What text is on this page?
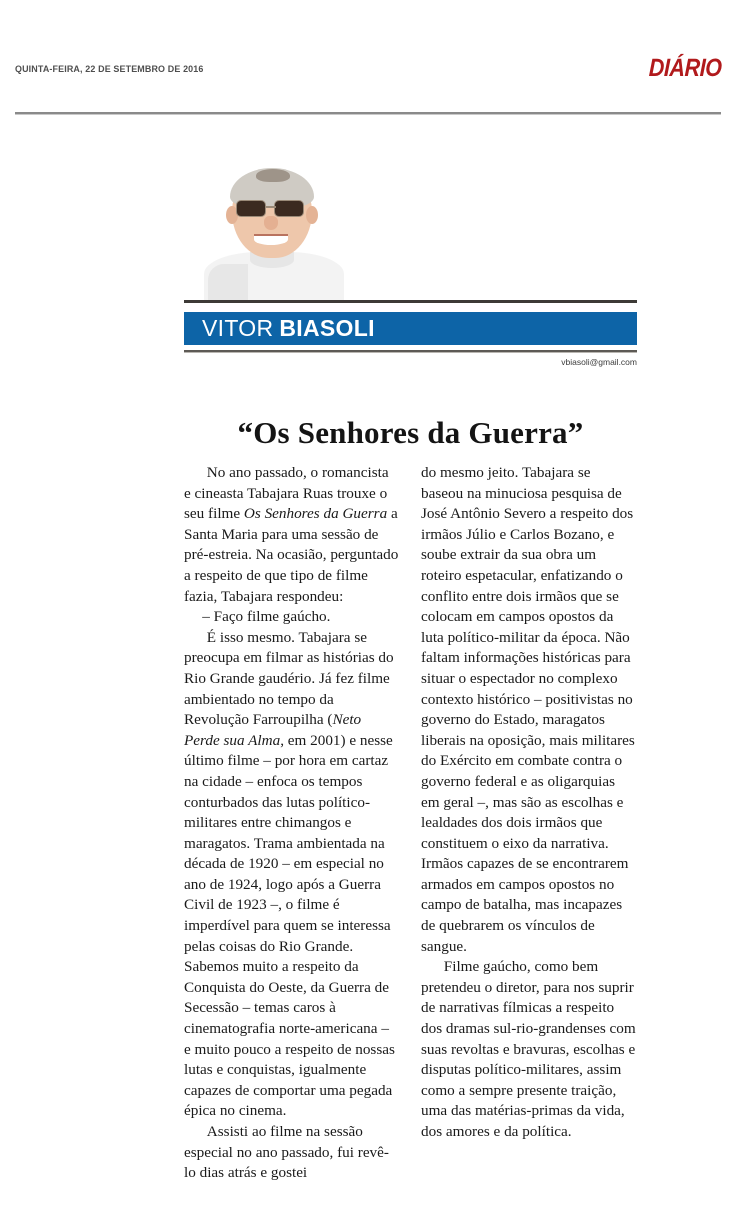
QUINTA-FEIRA, 22 DE SETEMBRO DE 2016	DIÁRIO
VITOR BIASOLI
vbiasoli@gmail.com
“Os Senhores da Guerra”

No ano passado, o romancista e cineasta Tabajara Ruas trouxe o seu filme Os Senhores da Guerra a Santa Maria para uma sessão de pré-estreia. Na ocasião, perguntado a respeito de que tipo de filme fazia, Tabajara respondeu:

– Faço filme gaúcho.

É isso mesmo. Tabajara se preocupa em filmar as histórias do Rio Grande gaudério. Já fez filme ambientado no tempo da Revolução Farroupilha (Neto Perde sua Alma, em 2001) e nesse último filme – por hora em cartaz na cidade – enfoca os tempos conturbados das lutas político-militares entre chimangos e maragatos. Trama ambientada na década de 1920 – em especial no ano de 1924, logo após a Guerra Civil de 1923 –, o filme é imperdível para quem se interessa pelas coisas do Rio Grande. Sabemos muito a respeito da Conquista do Oeste, da Guerra de Secessão – temas caros à cinematografia norte-americana – e muito pouco a respeito de nossas lutas e conquistas, igualmente capazes de comportar uma pegada épica no cinema.

Assisti ao filme na sessão especial no ano passado, fui revê-lo dias atrás e gostei

do mesmo jeito. Tabajara se baseou na minuciosa pesquisa de José Antônio Severo a respeito dos irmãos Júlio e Carlos Bozano, e soube extrair da sua obra um roteiro espetacular, enfatizando o conflito entre dois irmãos que se colocam em campos opostos da luta político-militar da época. Não faltam informações históricas para situar o espectador no complexo contexto histórico – positivistas no governo do Estado, maragatos liberais na oposição, mais militares do Exército em combate contra o governo federal e as oligarquias em geral –, mas são as escolhas e lealdades dos dois irmãos que constituem o eixo da narrativa. Irmãos capazes de se encontrarem armados em campos opostos no campo de batalha, mas incapazes de quebrarem os vínculos de sangue.

Filme gaúcho, como bem pretendeu o diretor, para nos suprir de narrativas fílmicas a respeito dos dramas sul-rio-grandenses com suas revoltas e bravuras, escolhas e disputas político-militares, assim como a sempre presente traição, uma das matérias-primas da vida, dos amores e da política.
